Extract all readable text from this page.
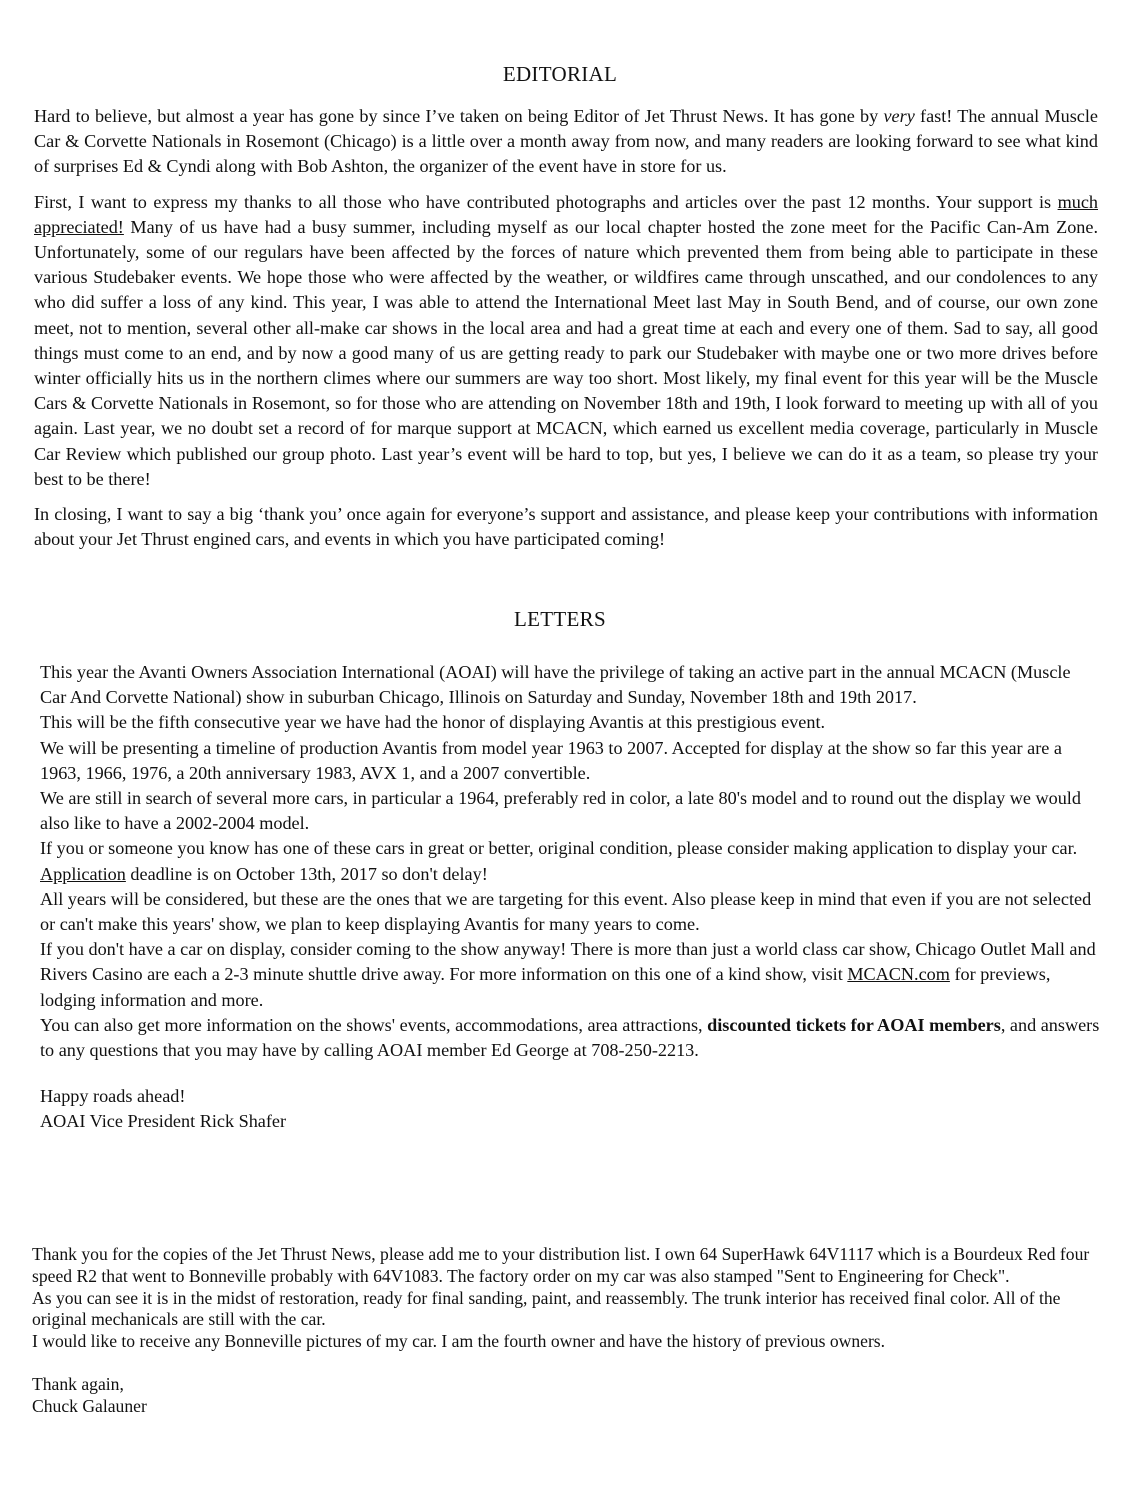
EDITORIAL

Hard to believe, but almost a year has gone by since I’ve taken on being Editor of Jet Thrust News. It has gone by very fast! The annual Muscle Car & Corvette Nationals in Rosemont (Chicago) is a little over a month away from now, and many readers are looking forward to see what kind of surprises Ed & Cyndi along with Bob Ashton, the organizer of the event have in store for us.

First, I want to express my thanks to all those who have contributed photographs and articles over the past 12 months. Your support is much appreciated! Many of us have had a busy summer, including myself as our local chapter hosted the zone meet for the Pacific Can-Am Zone. Unfortunately, some of our regulars have been affected by the forces of nature which prevented them from being able to participate in these various Studebaker events. We hope those who were affected by the weather, or wildfires came through unscathed, and our condolences to any who did suffer a loss of any kind. This year, I was able to attend the International Meet last May in South Bend, and of course, our own zone meet, not to mention, several other all-make car shows in the local area and had a great time at each and every one of them. Sad to say, all good things must come to an end, and by now a good many of us are getting ready to park our Studebaker with maybe one or two more drives before winter officially hits us in the northern climes where our summers are way too short. Most likely, my final event for this year will be the Muscle Cars & Corvette Nationals in Rosemont, so for those who are attending on November 18th and 19th, I look forward to meeting up with all of you again. Last year, we no doubt set a record of for marque support at MCACN, which earned us excellent media coverage, particularly in Muscle Car Review which published our group photo. Last year’s event will be hard to top, but yes, I believe we can do it as a team, so please try your best to be there!

In closing, I want to say a big ‘thank you’ once again for everyone’s support and assistance, and please keep your contributions with information about your Jet Thrust engined cars, and events in which you have participated coming!

LETTERS
This year the Avanti Owners Association International (AOAI) will have the privilege of taking an active part in the annual MCACN (Muscle Car And Corvette National) show in suburban Chicago, Illinois on Saturday and Sunday, November 18th and 19th 2017.
This will be the fifth consecutive year we have had the honor of displaying Avantis at this prestigious event.
We will be presenting a timeline of production Avantis from model year 1963 to 2007. Accepted for display at the show so far this year are a 1963, 1966, 1976, a 20th anniversary 1983, AVX 1, and a 2007 convertible.
We are still in search of several more cars, in particular a 1964, preferably red in color, a late 80's model and to round out the display we would also like to have a 2002-2004 model.
If you or someone you know has one of these cars in great or better, original condition, please consider making application to display your car.
Application deadline is on October 13th, 2017 so don't delay!
All years will be considered, but these are the ones that we are targeting for this event. Also please keep in mind that even if you are not selected or can't make this years' show, we plan to keep displaying Avantis for many years to come.
If you don't have a car on display, consider coming to the show anyway! There is more than just a world class car show, Chicago Outlet Mall and Rivers Casino are each a 2-3 minute shuttle drive away. For more information on this one of a kind show, visit MCACN.com for previews, lodging information and more.
You can also get more information on the shows' events, accommodations, area attractions, discounted tickets for AOAI members, and answers to any questions that you may have by calling AOAI member Ed George at 708-250-2213.
Happy roads ahead!
AOAI Vice President Rick Shafer
Thank you for the copies of the Jet Thrust News, please add me to your distribution list. I own 64 SuperHawk 64V1117 which is a Bourdeux Red four speed R2 that went to Bonneville probably with 64V1083. The factory order on my car was also stamped "Sent to Engineering for Check".
As you can see it is in the midst of restoration, ready for final sanding, paint, and reassembly. The trunk interior has received final color. All of the original mechanicals are still with the car.
I would like to receive any Bonneville pictures of my car. I am the fourth owner and have the history of previous owners.
Thank again,
Chuck Galauner
